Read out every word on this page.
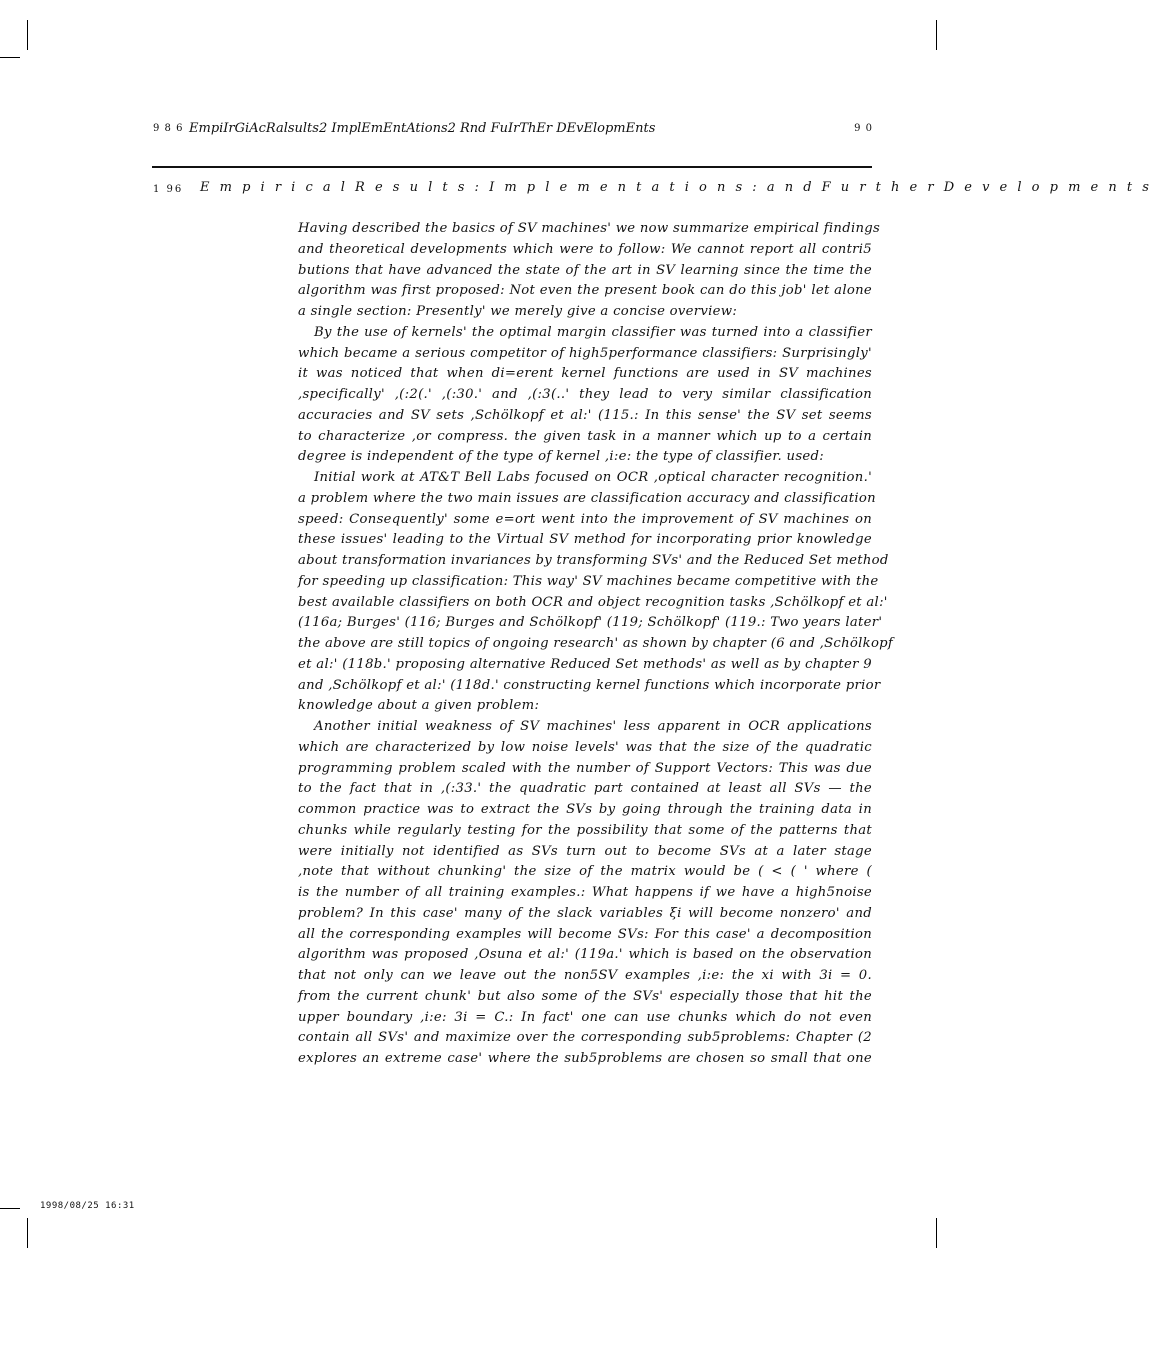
9 8 6 EmpiIrGiAcRalsults2 ImplEmEntAtions2 Rnd FuIrThEr DEvElopmEnts	9 0
1 96 E m p i r i c a l R e s u l t s : I m p l e m e n t a t i o n s : a n d F u r t h e r D e v e l o p m e n t s

Having described the basics of SV machines' we now summarize empirical findings
and theoretical developments which were to follow: We cannot report all contri5
butions that have advanced the state of the art in SV learning since the time the
algorithm was first proposed: Not even the present book can do this job' let alone
a single section: Presently' we merely give a concise overview:

By the use of kernels' the optimal margin classifier was turned into a classifier
which became a serious competitor of high5performance classifiers: Surprisingly'
it was noticed that when di=erent kernel functions are used in SV machines
,specifically' ,(:2(.' ,(:30.' and ,(:3(..' they lead to very similar classification
accuracies and SV sets ,Schölkopf et al:' (115.: In this sense' the SV set seems
to characterize ,or compress. the given task in a manner which up to a certain
degree is independent of the type of kernel ,i:e: the type of classifier. used:

Initial work at AT&T Bell Labs focused on OCR ,optical character recognition.'
a problem where the two main issues are classification accuracy and classification
speed: Consequently' some e=ort went into the improvement of SV machines on
these issues' leading to the Virtual SV method for incorporating prior knowledge
about transformation invariances by transforming SVs' and the Reduced Set method
for speeding up classification: This way' SV machines became competitive with the
best available classifiers on both OCR and object recognition tasks ,Schölkopf et al:'
(116a; Burges' (116; Burges and Schölkopf' (119; Schölkopf' (119.: Two years later'
the above are still topics of ongoing research' as shown by chapter (6 and ,Schölkopf
et al:' (118b.' proposing alternative Reduced Set methods' as well as by chapter 9
and ,Schölkopf et al:' (118d.' constructing kernel functions which incorporate prior
knowledge about a given problem:

Another initial weakness of SV machines' less apparent in OCR applications
which are characterized by low noise levels' was that the size of the quadratic
programming problem scaled with the number of Support Vectors: This was due
to the fact that in ,(:33.' the quadratic part contained at least all SVs — the
common practice was to extract the SVs by going through the training data in
chunks while regularly testing for the possibility that some of the patterns that
were initially not identified as SVs turn out to become SVs at a later stage
,note that without chunking' the size of the matrix would be ( < ( ' where (
is the number of all training examples.: What happens if we have a high5noise
problem? In this case' many of the slack variables ξi will become nonzero' and
all the corresponding examples will become SVs: For this case' a decomposition
algorithm was proposed ,Osuna et al:' (119a.' which is based on the observation
that not only can we leave out the non5SV examples ,i:e: the xi with 3i = 0.
from the current chunk' but also some of the SVs' especially those that hit the
upper boundary ,i:e: 3i = C.: In fact' one can use chunks which do not even
contain all SVs' and maximize over the corresponding sub5problems: Chapter (2
explores an extreme case' where the sub5problems are chosen so small that one

1998/08/25 16:31
